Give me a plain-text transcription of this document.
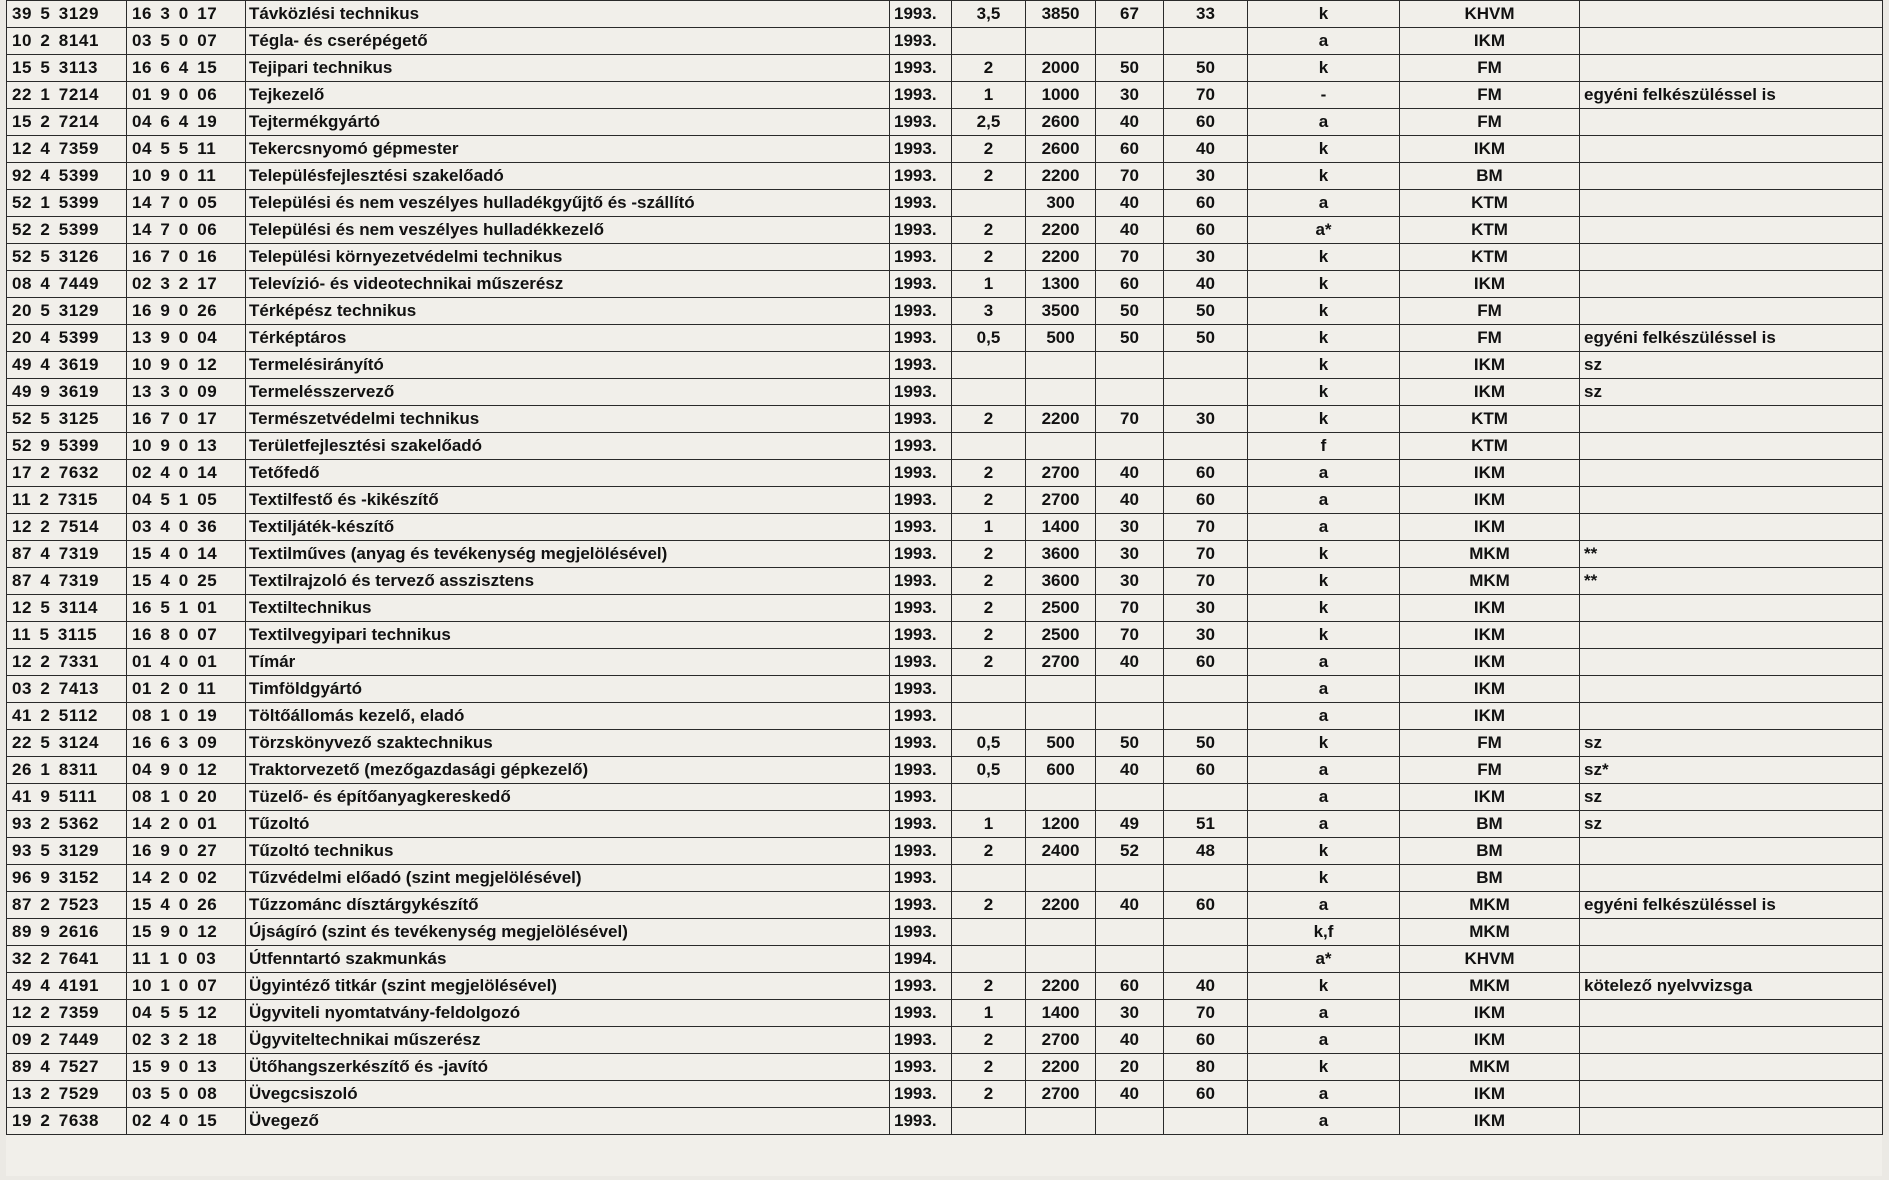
39 5 3129	16 3 0 17	Távközlési technikus	1993.	3,5	3850	67	33	k	KHVM	
10 2 8141	03 5 0 07	Tégla- és cserépégető	1993.					a	IKM	
15 5 3113	16 6 4 15	Tejipari technikus	1993.	2	2000	50	50	k	FM	
22 1 7214	01 9 0 06	Tejkezelő	1993.	1	1000	30	70	-	FM	egyéni felkészüléssel is
15 2 7214	04 6 4 19	Tejtermékgyártó	1993.	2,5	2600	40	60	a	FM	
12 4 7359	04 5 5 11	Tekercsnyomó gépmester	1993.	2	2600	60	40	k	IKM	
92 4 5399	10 9 0 11	Településfejlesztési szakelőadó	1993.	2	2200	70	30	k	BM	
52 1 5399	14 7 0 05	Települési és nem veszélyes hulladékgyűjtő és -szállító	1993.		300	40	60	a	KTM	
52 2 5399	14 7 0 06	Települési és nem veszélyes hulladékkezelő	1993.	2	2200	40	60	a*	KTM	
52 5 3126	16 7 0 16	Települési környezetvédelmi technikus	1993.	2	2200	70	30	k	KTM	
08 4 7449	02 3 2 17	Televízió- és videotechnikai műszerész	1993.	1	1300	60	40	k	IKM	
20 5 3129	16 9 0 26	Térképész technikus	1993.	3	3500	50	50	k	FM	
20 4 5399	13 9 0 04	Térképtáros	1993.	0,5	500	50	50	k	FM	egyéni felkészüléssel is
49 4 3619	10 9 0 12	Termelésirányító	1993.					k	IKM	sz
49 9 3619	13 3 0 09	Termelésszervező	1993.					k	IKM	sz
52 5 3125	16 7 0 17	Természetvédelmi technikus	1993.	2	2200	70	30	k	KTM	
52 9 5399	10 9 0 13	Területfejlesztési szakelőadó	1993.					f	KTM	
17 2 7632	02 4 0 14	Tetőfedő	1993.	2	2700	40	60	a	IKM	
11 2 7315	04 5 1 05	Textilfestő és -kikészítő	1993.	2	2700	40	60	a	IKM	
12 2 7514	03 4 0 36	Textiljáték-készítő	1993.	1	1400	30	70	a	IKM	
87 4 7319	15 4 0 14	Textilműves (anyag és tevékenység megjelölésével)	1993.	2	3600	30	70	k	MKM	**
87 4 7319	15 4 0 25	Textilrajzoló és tervező asszisztens	1993.	2	3600	30	70	k	MKM	**
12 5 3114	16 5 1 01	Textiltechnikus	1993.	2	2500	70	30	k	IKM	
11 5 3115	16 8 0 07	Textilvegyipari technikus	1993.	2	2500	70	30	k	IKM	
12 2 7331	01 4 0 01	Tímár	1993.	2	2700	40	60	a	IKM	
03 2 7413	01 2 0 11	Timföldgyártó	1993.					a	IKM	
41 2 5112	08 1 0 19	Töltőállomás kezelő, eladó	1993.					a	IKM	
22 5 3124	16 6 3 09	Törzskönyvező szaktechnikus	1993.	0,5	500	50	50	k	FM	sz
26 1 8311	04 9 0 12	Traktorvezető (mezőgazdasági gépkezelő)	1993.	0,5	600	40	60	a	FM	sz*
41 9 5111	08 1 0 20	Tüzelő- és építőanyagkereskedő	1993.					a	IKM	sz
93 2 5362	14 2 0 01	Tűzoltó	1993.	1	1200	49	51	a	BM	sz
93 5 3129	16 9 0 27	Tűzoltó technikus	1993.	2	2400	52	48	k	BM	
96 9 3152	14 2 0 02	Tűzvédelmi előadó (szint megjelölésével)	1993.					k	BM	
87 2 7523	15 4 0 26	Tűzzománc dísztárgykészítő	1993.	2	2200	40	60	a	MKM	egyéni felkészüléssel is
89 9 2616	15 9 0 12	Újságíró (szint és tevékenység megjelölésével)	1993.					k,f	MKM	
32 2 7641	11 1 0 03	Útfenntartó szakmunkás	1994.					a*	KHVM	
49 4 4191	10 1 0 07	Ügyintéző titkár (szint megjelölésével)	1993.	2	2200	60	40	k	MKM	kötelező nyelvvizsga
12 2 7359	04 5 5 12	Ügyviteli nyomtatvány-feldolgozó	1993.	1	1400	30	70	a	IKM	
09 2 7449	02 3 2 18	Ügyviteltechnikai műszerész	1993.	2	2700	40	60	a	IKM	
89 4 7527	15 9 0 13	Ütőhangszerkészítő és -javító	1993.	2	2200	20	80	k	MKM	
13 2 7529	03 5 0 08	Üvegcsiszoló	1993.	2	2700	40	60	a	IKM	
19 2 7638	02 4 0 15	Üvegező	1993.					a	IKM	
